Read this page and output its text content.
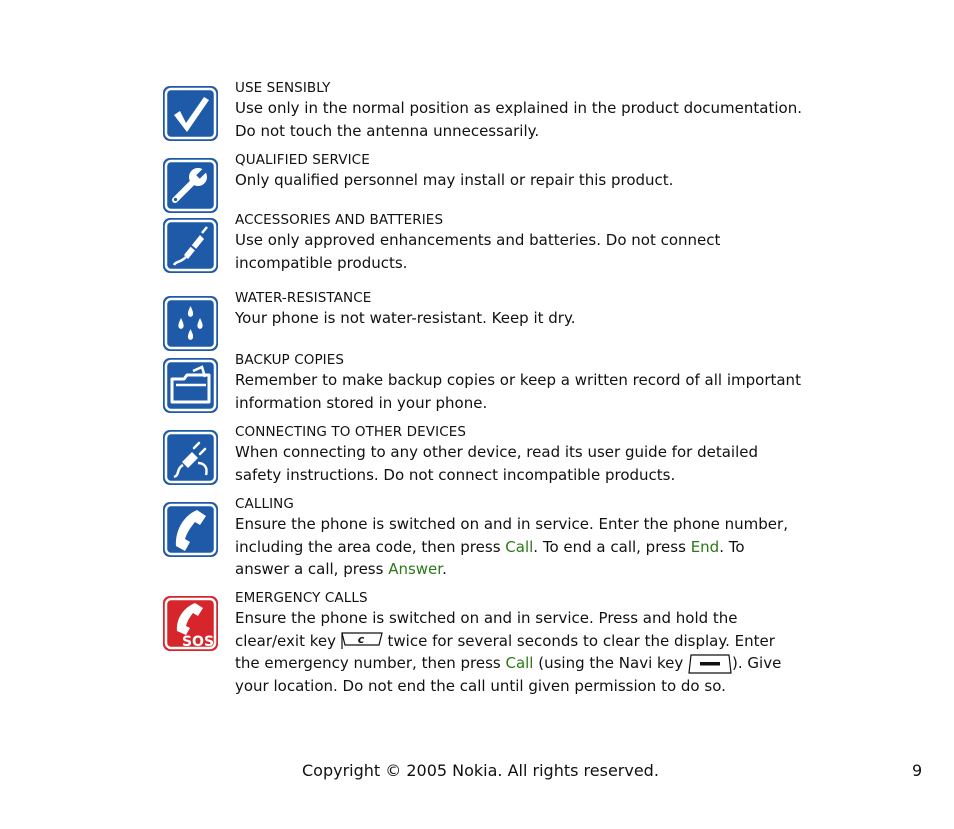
USE SENSIBLY
Use only in the normal position as explained in the product documentation. Do not touch the antenna unnecessarily.
QUALIFIED SERVICE
Only qualified personnel may install or repair this product.
ACCESSORIES AND BATTERIES
Use only approved enhancements and batteries. Do not connect incompatible products.
WATER-RESISTANCE
Your phone is not water-resistant. Keep it dry.
BACKUP COPIES
Remember to make backup copies or keep a written record of all important information stored in your phone.
CONNECTING TO OTHER DEVICES
When connecting to any other device, read its user guide for detailed safety instructions. Do not connect incompatible products.
CALLING
Ensure the phone is switched on and in service. Enter the phone number, including the area code, then press Call. To end a call, press End. To answer a call, press Answer.
SOS
EMERGENCY CALLS
Ensure the phone is switched on and in service. Press and hold the clear/exit key c twice for several seconds to clear the display. Enter the emergency number, then press Call (using the Navi key	). Give your location. Do not end the call until given permission to do so.
Copyright © 2005 Nokia. All rights reserved.	9
